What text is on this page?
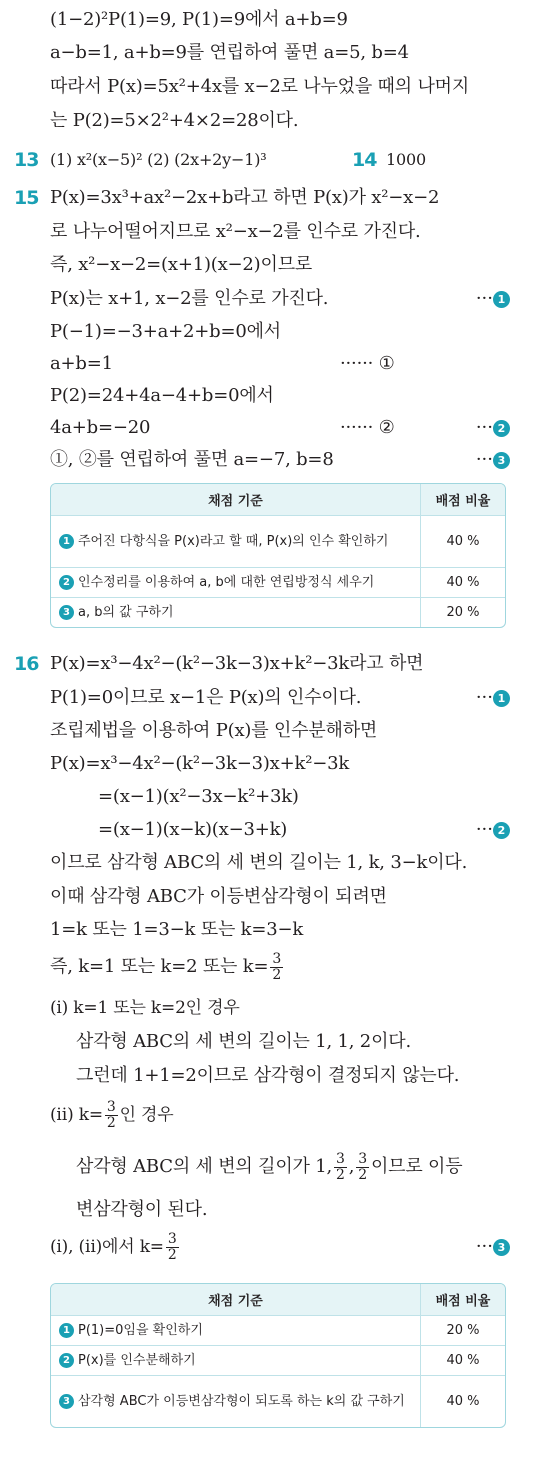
(1−2)²P(1)=9, P(1)=9에서 a+b=9
a−b=1, a+b=9를 연립하여 풀면 a=5, b=4
따라서 P(x)=5x²+4x를 x−2로 나누었을 때의 나머지
는 P(2)=5×2²+4×2=28이다.
13 (1) x²(x−5)² (2) (2x+2y−1)³	14 1000
15 P(x)=3x³+ax²−2x+b라고 하면 P(x)가 x²−x−2
로 나누어떨어지므로 x²−x−2를 인수로 가진다.
즉, x²−x−2=(x+1)(x−2)이므로
P(x)는 x+1, x−2를 인수로 가진다.	··· 1
P(−1)=−3+a+2+b=0에서
a+b=1	······ ①
P(2)=24+4a−4+b=0에서
4a+b=−20	······ ②	··· 2
①, ②를 연립하여 풀면 a=−7, b=8	··· 3
채점 기준	배점 비율
1 주어진 다항식을 P(x)라고 할 때, P(x)의 인수 확인하기	40 %
2 인수정리를 이용하여 a, b에 대한 연립방정식 세우기	40 %
3 a, b의 값 구하기	20 %
16 P(x)=x³−4x²−(k²−3k−3)x+k²−3k라고 하면
P(1)=0이므로 x−1은 P(x)의 인수이다.	··· 1
조립제법을 이용하여 P(x)를 인수분해하면
P(x)=x³−4x²−(k²−3k−3)x+k²−3k
=(x−1)(x²−3x−k²+3k)
=(x−1)(x−k)(x−3+k)	··· 2
이므로 삼각형 ABC의 세 변의 길이는 1, k, 3−k이다.
이때 삼각형 ABC가 이등변삼각형이 되려면
1=k 또는 1=3−k 또는 k=3−k
즉, k=1 또는 k=2 또는 $k= \frac{3}{2}$
(ⅰ) k=1 또는 k=2인 경우
삼각형 ABC의 세 변의 길이는 1, 1, 2이다.
그런데 1+1=2이므로 삼각형이 결정되지 않는다.
(ⅱ) $k= \frac{3}{2}$ 인 경우
삼각형 ABC의 세 변의 길이가 1, $\frac{3}{2}$ , $\frac{3}{2}$ 이므로 이등
변삼각형이 된다.
(ⅰ), (ⅱ)에서 $k= \frac{3}{2}$	··· 3
채점 기준	배점 비율
1 P(1)=0임을 확인하기	20 %
2 P(x)를 인수분해하기	40 %
3 삼각형 ABC가 이등변삼각형이 되도록 하는 k의 값 구하기	40 %
